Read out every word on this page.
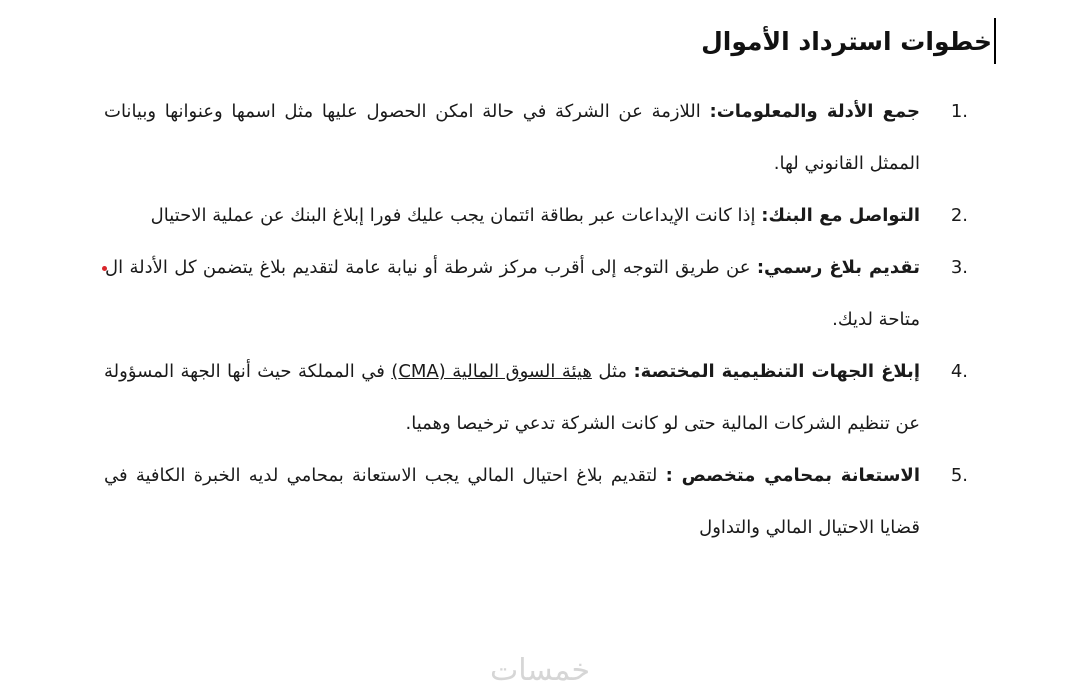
خطوات استرداد الأموال
1.
جمع الأدلة والمعلومات: اللازمة عن الشركة في حالة امكن الحصول عليها مثل اسمها وعنوانها وبيانات الممثل القانوني لها.
2.
التواصل مع البنك: إذا كانت الإيداعات عبر بطاقة ائتمان يجب عليك فورا إبلاغ البنك عن عملية الاحتيال
3.
تقديم بلاغ رسمي: عن طريق التوجه إلى أقرب مركز شرطة أو نيابة عامة لتقديم بلاغ يتضمن كل الأدلة المتاحة لديك.
4.
إبلاغ الجهات التنظيمية المختصة: مثل هيئة السوق المالية (CMA) في المملكة حيث أنها الجهة المسؤولة عن تنظيم الشركات المالية حتى لو كانت الشركة تدعي ترخيصا وهميا.
5.
الاستعانة بمحامي متخصص : لتقديم بلاغ احتيال المالي يجب الاستعانة بمحامي لديه الخبرة الكافية في قضايا الاحتيال المالي والتداول
خمسات
